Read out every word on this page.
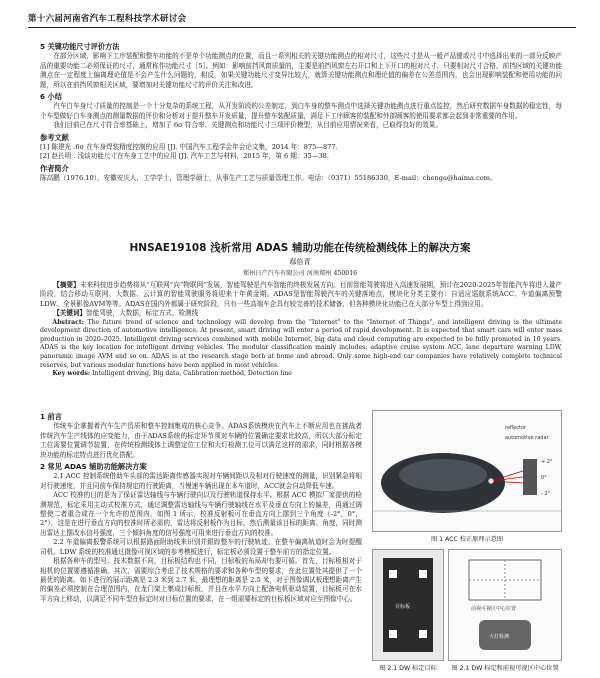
第十六届河南省汽车工程科技学术研讨会
5 关键功能尺寸评价方法

在部分区域，影响下工序装配和整车功能的不是单个功能测点的位置，而且一系列相关的关键功能测点的相对尺寸，这些尺寸是从一般产品键或尺寸中选择出来的一部分反映产品的重要功能二必须保证的尺寸，通常称作功能尺寸［5］。例如：影响前挡风窗质量的，主要是前挡风窗左右开口和上下开口的相对尺寸，只要相对尺寸合格，前挡区域的关键功能测点在一定程度上偏离理论值是不会产生什么问题的，相反，如果关键功能尺寸变异比较大，就算关键功能测点和理论值的偏差在公差范围内，也会出现影响装配和使用功能的问题，所以在前挡风窗相关区域，要增加对关键功能尺寸的评价关注和改进。

6 小结

汽车白车身尺寸质量的控制是一个十分复杂的系统工程，从开发阶段的公差制定，到白车身的整车测点中选择关键功能测点进行重点监控，然后研究数据车身数据的稳定性，每个车型做好白车身测点的测量数据的评价和分析对于提升整车开发质量，提升整车装配质量，满足下工序顾客的装配和外部顾客的使用要求都会起到非常重要的作用。

我们目前已在尺寸符合率基础上，增加了 6σ 符合率、关键测点和功能尺寸三项评价模型，从目前应用情况来看，已取得良好的效果。

参考文献

[1] 陈建光 .6σ 在车身焊装精度控制的应用 [J]. 中国汽车工程学会年会论文集，2014 年：875—877.

[2] 赵长明 . 浅谈功能尺寸在车身工艺中的应用 [J]. 汽车工艺与材料，2015 年，第 6 期：35—38.

作者简介

陈高鹏（1976.10），安徽安庆人，工学学士，管理学硕士，从事生产工艺与质量管理工作。电话：（0371）55186330，E-mail：chenge@haima.com。

HNSAE19108 浅析常用 ADAS 辅助功能在传统检测线体上的解决方案
郗倍青
郑州日产汽车有限公司 河南郑州 450016

【摘要】未来科技进步趋势将从“互联网”向“物联网”发展，智能驾驶是汽车智能的终极发展方向。目前智能驾驶将进入高速发展期，预计在2020-2025年智能汽车将进入量产阶段，结合移动互联网、大数据、云计算的智能驾驶服务将迎来十年黄金期。ADAS是智能驾驶汽车的关键落地点，模块化分类主要有：自适应巡航系统ACC、车道偏离预警LDW、全景影像AVM等等。ADAS在国内外都属于研究阶段，只有一些高端车企具有较完善的技术储备，但各种模块化功能已在大部分车型上得到应用。

【关键词】智能驾驶，大数据，标定方式，检测线

Abstract: The future trend of science and technology will develop from the "Internet" to the "Internet of Things", and intelligent driving is the ultimate development direction of automotive intelligence. At present, smart driving will enter a period of rapid development. It is expected that smart cars will enter mass production in 2020–2025. Intelligent driving services combined with mobile Internet, big data and cloud computing are expected to be fully promoted in 10 years. ADAS is the key location for intelligent driving vehicles. The modular classification mainly includes: adaptive cruise system ACC, lane departure warning LDW, panoramic image AVM and so on. ADAS is at the research stage both at home and abroad. Only some high-end car companies have relatively complete technical reserves, but various modular functions have been applied in most vehicles.

Key words: Intelligent driving, Big data, Calibration method, Detection line

1 前言

传统车企掌握着汽车生产资质和整车控制集成的核心竞争。ADAS系统模块在汽车上不断应用也在挑战者传统汽车生产线体的应变能力，由于ADAS系统的标定环节须对车辆的位置确定要求比较高，所以大部分标定工位需要位置调节装置，在传统检测线体上调整定位工位和大灯检测工位可以满足这样的需求，同时根据各模块功能的标定特点进行优化搭配。

2 常见 ADAS 辅助功能解决方案

2.1 ACC 控制系统借助车头部的雷达距离传感器实现对车辆间距以及相对行驶速度的测量，识别紧急将相对行驶速度，并且同前车保持规定的行驶距离，当慢速车辆出现在本车道时，ACC就会自动降低车速。

ACC 校准的目的是为了保证雷达轴线与车辆行驶向以及行驶轨道保持水平。根据 ACC 模拟厂家提供的检测规范，标定采用主动式校准方式，通过调整雷达轴线与车辆行驶轴线在水平及垂直方向上的偏差，再通过调整使二者重合或在一个允许的范围内，如图 1 所示，校准反射板可在垂直方向上摆到三个角度（-2°，0°，2°），这是在进行垂直方向的校准时所必需的，雷达将反射板作为目标，然后测量该目标的距离、角度，同时测出雷达上摆改水信号强度，三个倾斜角度的信号强度可用来进行垂直方向的校准。

2.2 车道偏离报警系统可以根据路面附助线来识别并跟踪整车的行驶轨迹，在整车偏离轨道时会为时提醒司机。LDW 系统的校准通过摄像可视区域的参考模板进行，标定板必须设置于整车前方的指定位置。

根据各种车的型号、技术数据不同，目标板结构也不同，目标板的布局却有要可循。首先，目标板相对于相机的位置要遵循准确。其次，需要综合考虑了技术规格的要求和各种车型的要求，在此位置处其提供了一个最优的距离。如下进行的展示距离是 2.3 米到 2.7 米，最理想的距离是 2.5 米，对于图像调试板理想距离产生的偏差必须控制在合理范围内，在龙门架上集成目标板，并且在水平方向上配备电机驱动装置，目标板可在水平方向上移动，以满足不同车型在标定时对目标位置的要求，在一组需要标定的目标板区域对应至图像中心。

reflector
automotive radar
+ 2°
0°
- 2°
图 1 ACC 校正原理示意图
目标板
图 2.1 DW 标定目标
前视可视区中心位置
大灯检测
图 2.1 DW 标定和前视可视区中心位置
